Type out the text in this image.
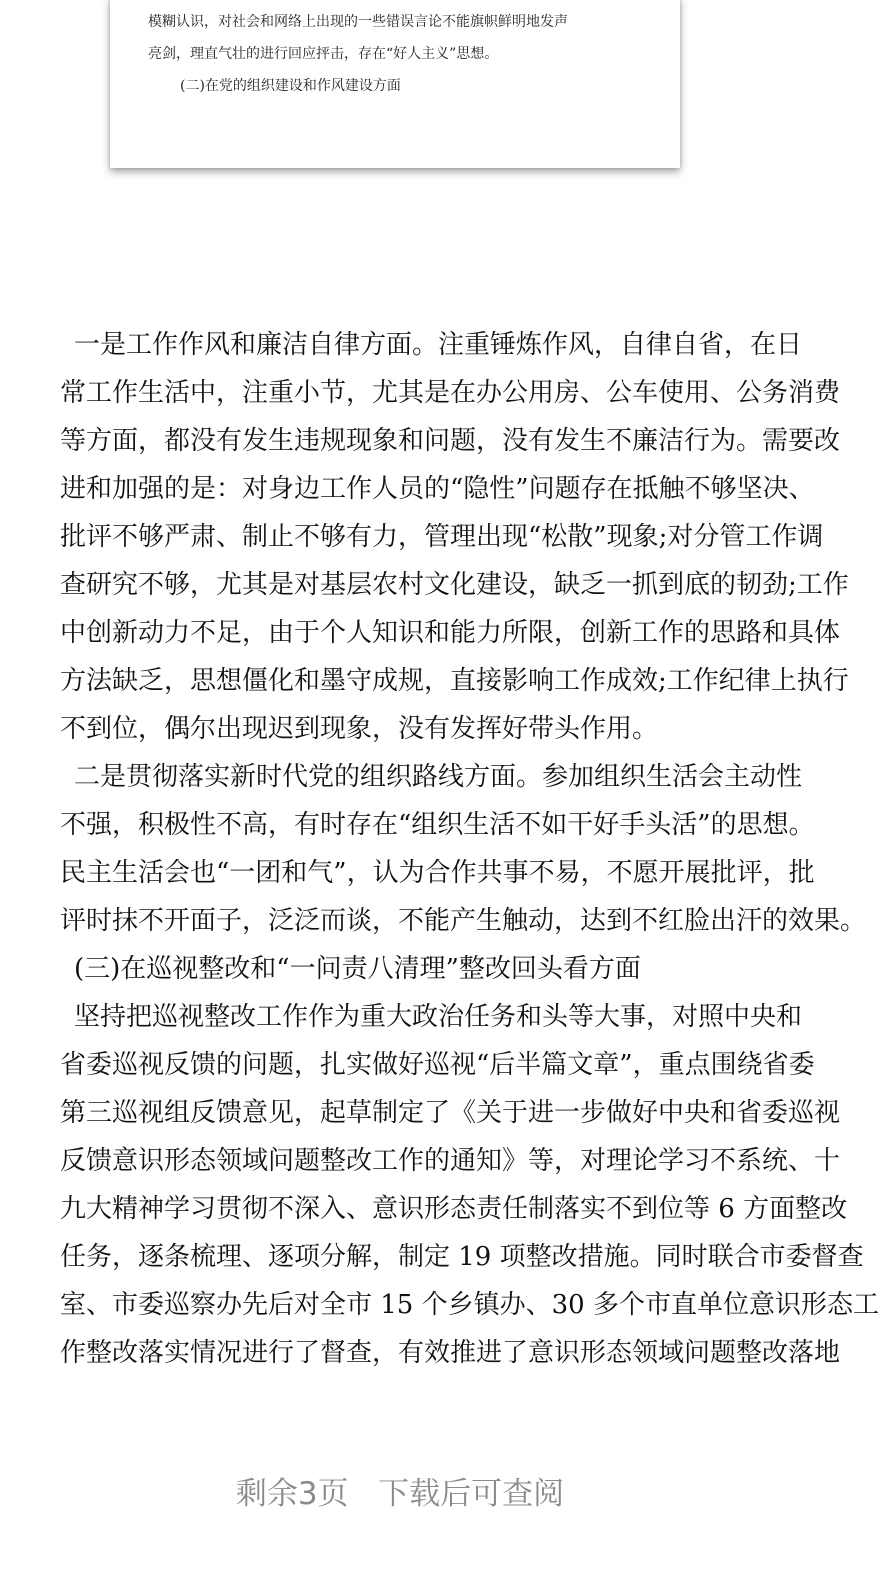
模糊认识，对社会和网络上出现的一些错误言论不能旗帜鲜明地发声
亮剑，理直气壮的进行回应抨击，存在“好人主义”思想。
(二)在党的组织建设和作风建设方面
一是工作作风和廉洁自律方面。注重锤炼作风，自律自省，在日
常工作生活中，注重小节，尤其是在办公用房、公车使用、公务消费
等方面，都没有发生违规现象和问题，没有发生不廉洁行为。需要改
进和加强的是：对身边工作人员的“隐性”问题存在抵触不够坚决、
批评不够严肃、制止不够有力，管理出现“松散”现象;对分管工作调
查研究不够，尤其是对基层农村文化建设，缺乏一抓到底的韧劲;工作
中创新动力不足，由于个人知识和能力所限，创新工作的思路和具体
方法缺乏，思想僵化和墨守成规，直接影响工作成效;工作纪律上执行
不到位，偶尔出现迟到现象，没有发挥好带头作用。
二是贯彻落实新时代党的组织路线方面。参加组织生活会主动性
不强，积极性不高，有时存在“组织生活不如干好手头活”的思想。
民主生活会也“一团和气”，认为合作共事不易，不愿开展批评，批
评时抹不开面子，泛泛而谈，不能产生触动，达到不红脸出汗的效果。
(三)在巡视整改和“一问责八清理”整改回头看方面
坚持把巡视整改工作作为重大政治任务和头等大事，对照中央和
省委巡视反馈的问题，扎实做好巡视“后半篇文章”，重点围绕省委
第三巡视组反馈意见，起草制定了《关于进一步做好中央和省委巡视
反馈意识形态领域问题整改工作的通知》等，对理论学习不系统、十
九大精神学习贯彻不深入、意识形态责任制落实不到位等 6 方面整改
任务，逐条梳理、逐项分解，制定 19 项整改措施。同时联合市委督查
室、市委巡察办先后对全市 15 个乡镇办、30 多个市直单位意识形态工
作整改落实情况进行了督查，有效推进了意识形态领域问题整改落地
剩余3页 下载后可查阅
